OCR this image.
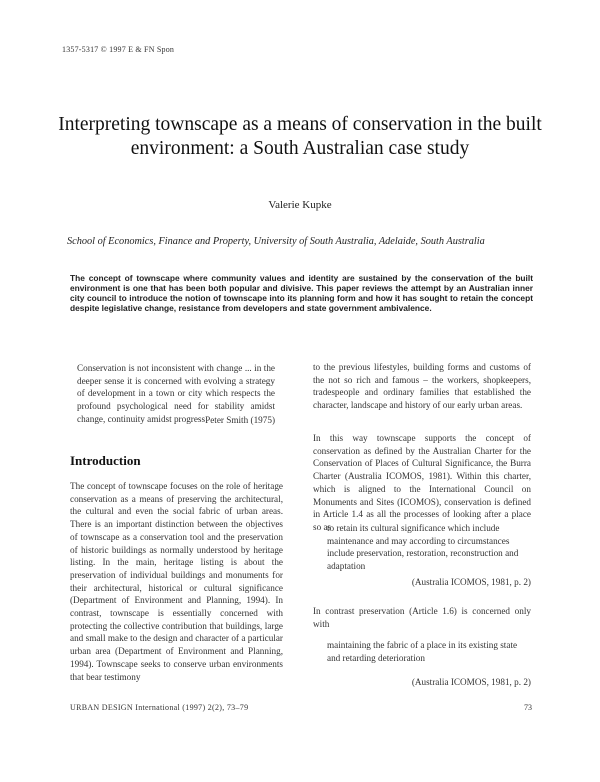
1357-5317 © 1997 E & FN Spon
Interpreting townscape as a means of conservation in the built environment: a South Australian case study
Valerie Kupke
School of Economics, Finance and Property, University of South Australia, Adelaide, South Australia
The concept of townscape where community values and identity are sustained by the conservation of the built environment is one that has been both popular and divisive. This paper reviews the attempt by an Australian inner city council to introduce the notion of townscape into its planning form and how it has sought to retain the concept despite legislative change, resistance from developers and state government ambivalence.
Conservation is not inconsistent with change ... in the deeper sense it is concerned with evolving a strategy of development in a town or city which respects the profound psychological need for stability amidst change, continuity amidst progress Peter Smith (1975)
Introduction
The concept of townscape focuses on the role of heritage conservation as a means of preserving the architectural, the cultural and even the social fabric of urban areas. There is an important distinction between the objectives of townscape as a conservation tool and the preservation of historic buildings as normally understood by heritage listing. In the main, heritage listing is about the preservation of individual buildings and monuments for their architectural, historical or cultural significance (Department of Environment and Planning, 1994). In contrast, townscape is essentially concerned with protecting the collective contribution that buildings, large and small make to the design and character of a particular urban area (Department of Environment and Planning, 1994). Townscape seeks to conserve urban environments that bear testimony
to the previous lifestyles, building forms and customs of the not so rich and famous – the workers, shopkeepers, tradespeople and ordinary families that established the character, landscape and history of our early urban areas.
In this way townscape supports the concept of conservation as defined by the Australian Charter for the Conservation of Places of Cultural Significance, the Burra Charter (Australia ICOMOS, 1981). Within this charter, which is aligned to the International Council on Monuments and Sites (ICOMOS), conservation is defined in Article 1.4 as all the processes of looking after a place so as
to retain its cultural significance which include maintenance and may according to circumstances include preservation, restoration, reconstruction and adaptation
(Australia ICOMOS, 1981, p. 2)
In contrast preservation (Article 1.6) is concerned only with
maintaining the fabric of a place in its existing state and retarding deterioration
(Australia ICOMOS, 1981, p. 2)
URBAN DESIGN International (1997) 2(2), 73–79	73
